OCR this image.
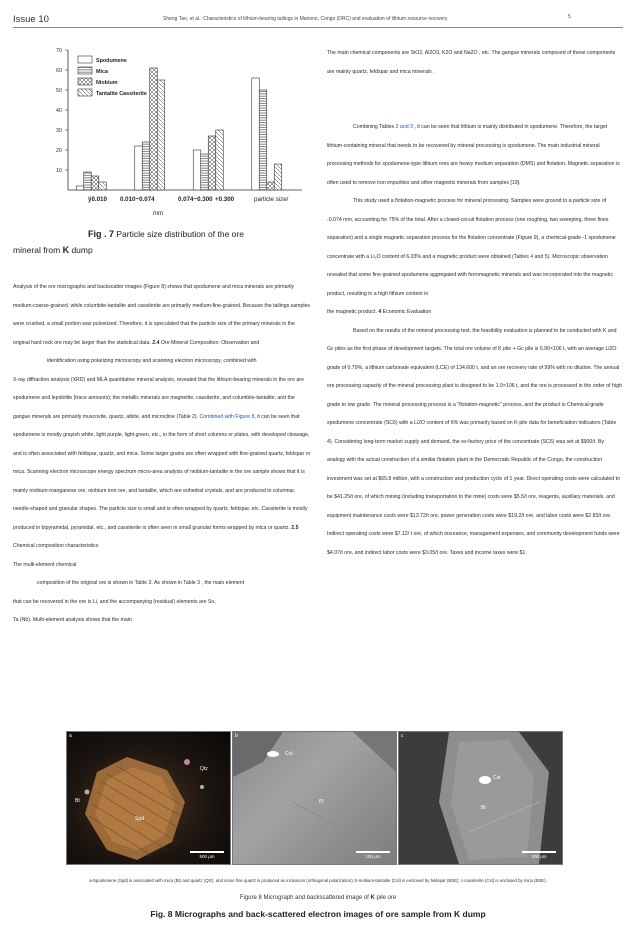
Issue 10	Sheng Tao, et al.: Characteristics of lithium-bearing tailings in Manono, Congo (DRC) and evaluation of lithium resource recovery	5
10
20
30
40
50
60
70
ÿ0.010 0.010~0.074	0.074~0.300 +0.300	particle size/
mm
Spodumene
Mica
Niobium
Tantalite Cassiterite
Fig . 7 Particle size distribution of the ore
mineral from K dump

Analysis of the ore micrographs and backscatter images (Figure 8) shows that spodumene and mica minerals are primarily medium-coarse-grained, while columbite-tantalite and cassiterite are primarily medium-fine-grained. Because the tailings samples were crushed, a small portion was pulverized. Therefore, it is speculated that the particle size of the primary minerals in the original hard rock ore may be larger than the statistical data. 2.4 Ore Mineral Composition: Observation and

identification using polarizing microscopy and scanning electron microscopy, combined with

X-ray diffraction analysis (XRD) and MLA quantitative mineral analysis, revealed that the lithium-bearing minerals in the ore are spodumene and lepidolite (trace amounts); the metallic minerals are magnetite, cassiterite, and columbite-tantalite; and the gangue minerals are primarily muscovite, quartz, albite, and microcline (Table 2). Combined with Figure 8, it can be seen that spodumene is mostly grayish white, light purple, light green, etc., in the form of short columns or plates, with developed cleavage, and is often associated with feldspar, quartz, and mica. Some larger grains are often wrapped with fine-grained quartz, feldspar or mica. Scanning electron microscope energy spectrum micro-area analysis of niobium-tantalite in the ore sample shows that it is mainly niobium-manganese ore, niobium iron ore, and tantalite, which are euhedral crystals, and are produced in columnar, needle-shaped and granular shapes. The particle size is small and is often wrapped by quartz, feldspar, etc. Cassiterite is mostly produced in bipyramidal, pyramidal, etc., and cassiterite is often seen in small granular forms wrapped by mica or quartz. 2.5 Chemical composition characteristics

The multi-element chemical

composition of the original ore is shown in Table 3. As shown in Table 3 , the main element

that can be recovered in the ore is Li, and the accompanying (residual) elements are Sn,

Ta (Nb). Multi-element analysis shows that the main

The main chemical components are SiO2, Al2O3, K2O and Na2O , etc. The gangue minerals composed of these components are mainly quartz, feldspar and mica minerals .

Combining Tables 2 and 3 , it can be seen that lithium is mainly distributed in spodumene. Therefore, the target lithium-containing mineral that needs to be recovered by mineral processing is spodumene. The main industrial mineral processing methods for spodumene-type lithium ores are heavy medium separation (DMS) and flotation. Magnetic separation is often used to remove iron impurities and other magnetic minerals from samples [19].

This study used a flotation-magnetic process for mineral processing. Samples were ground to a particle size of -0.074 mm, accounting for 75% of the total. After a closed-circuit flotation process (one roughing, two sweeping, three fines separation) and a single magnetic separation process for the flotation concentrate (Figure 9), a chemical-grade -1 spodumene concentrate with a Li₂O content of 6.03% and a magnetic product were obtained (Tables 4 and 5). Microscopic observation revealed that some fine-grained spodumene aggregated with ferromagnetic minerals and was incorporated into the magnetic product, resulting in a high lithium content in

the magnetic product. 4 Economic Evaluation

Based on the results of the mineral processing test, the feasibility evaluation is planned to be conducted with K and Gc piles as the first phase of development targets. The total ore volume of K pile + Gc pile is 6.90×106 t, with an average Li2O grade of 0.79%, a lithium carbonate equivalent (LCE) of 134,600 t, and an ore recovery rate of 99% with no dilution. The annual ore processing capacity of the mineral processing plant is designed to be 1.0×106 t, and the ore is processed in the order of high grade to low grade. The mineral processing process is a "flotation-magnetic" process, and the product is Chemical-grade spodumene concentrate (SC6) with a Li2O content of 6% was primarily based on K-pile data for beneficiation indicators (Table 4). Considering long-term market supply and demand, the ex-factory price of the concentrate (SC6) was set at $900/t. By analogy with the actual construction of a similar flotation plant in the Democratic Republic of the Congo, the construction investment was set at $65.8 million, with a construction and production cycle of 1 year. Direct operating costs were calculated to be $41.25/t ore, of which mining (including transportation to the mine) costs were $5.5/t ore, reagents, auxiliary materials, and equipment maintenance costs were $13.72/t ore, power generation costs were $19.2/t ore, and labor costs were $2.83/t ore. Indirect operating costs were $7.12/ t ore, of which insurance, management expenses, and community development funds were $4.07/t ore, and indirect labor costs were $3.05/t ore. Taxes and income taxes were $1.

a
Qtz
Bt
Spd
500 μm
b
Col
Pl
100 μm
c
Cst
Bt
200 μm
a-Spodumene (Spd) is associated with mica (Bt) and quartz (Qtz), and some fine quartz is produced as inclusions (orthogonal polarization); b-niobium-tantalite (Col) is enclosed by feldspar (BSE); c-cassiterite (Cst) is enclosed by mica (BSE).
Figure 8 Micrograph and backscattered image of K pile ore
Fig. 8 Micrographs and back-scattered electron images of ore sample from K dump
